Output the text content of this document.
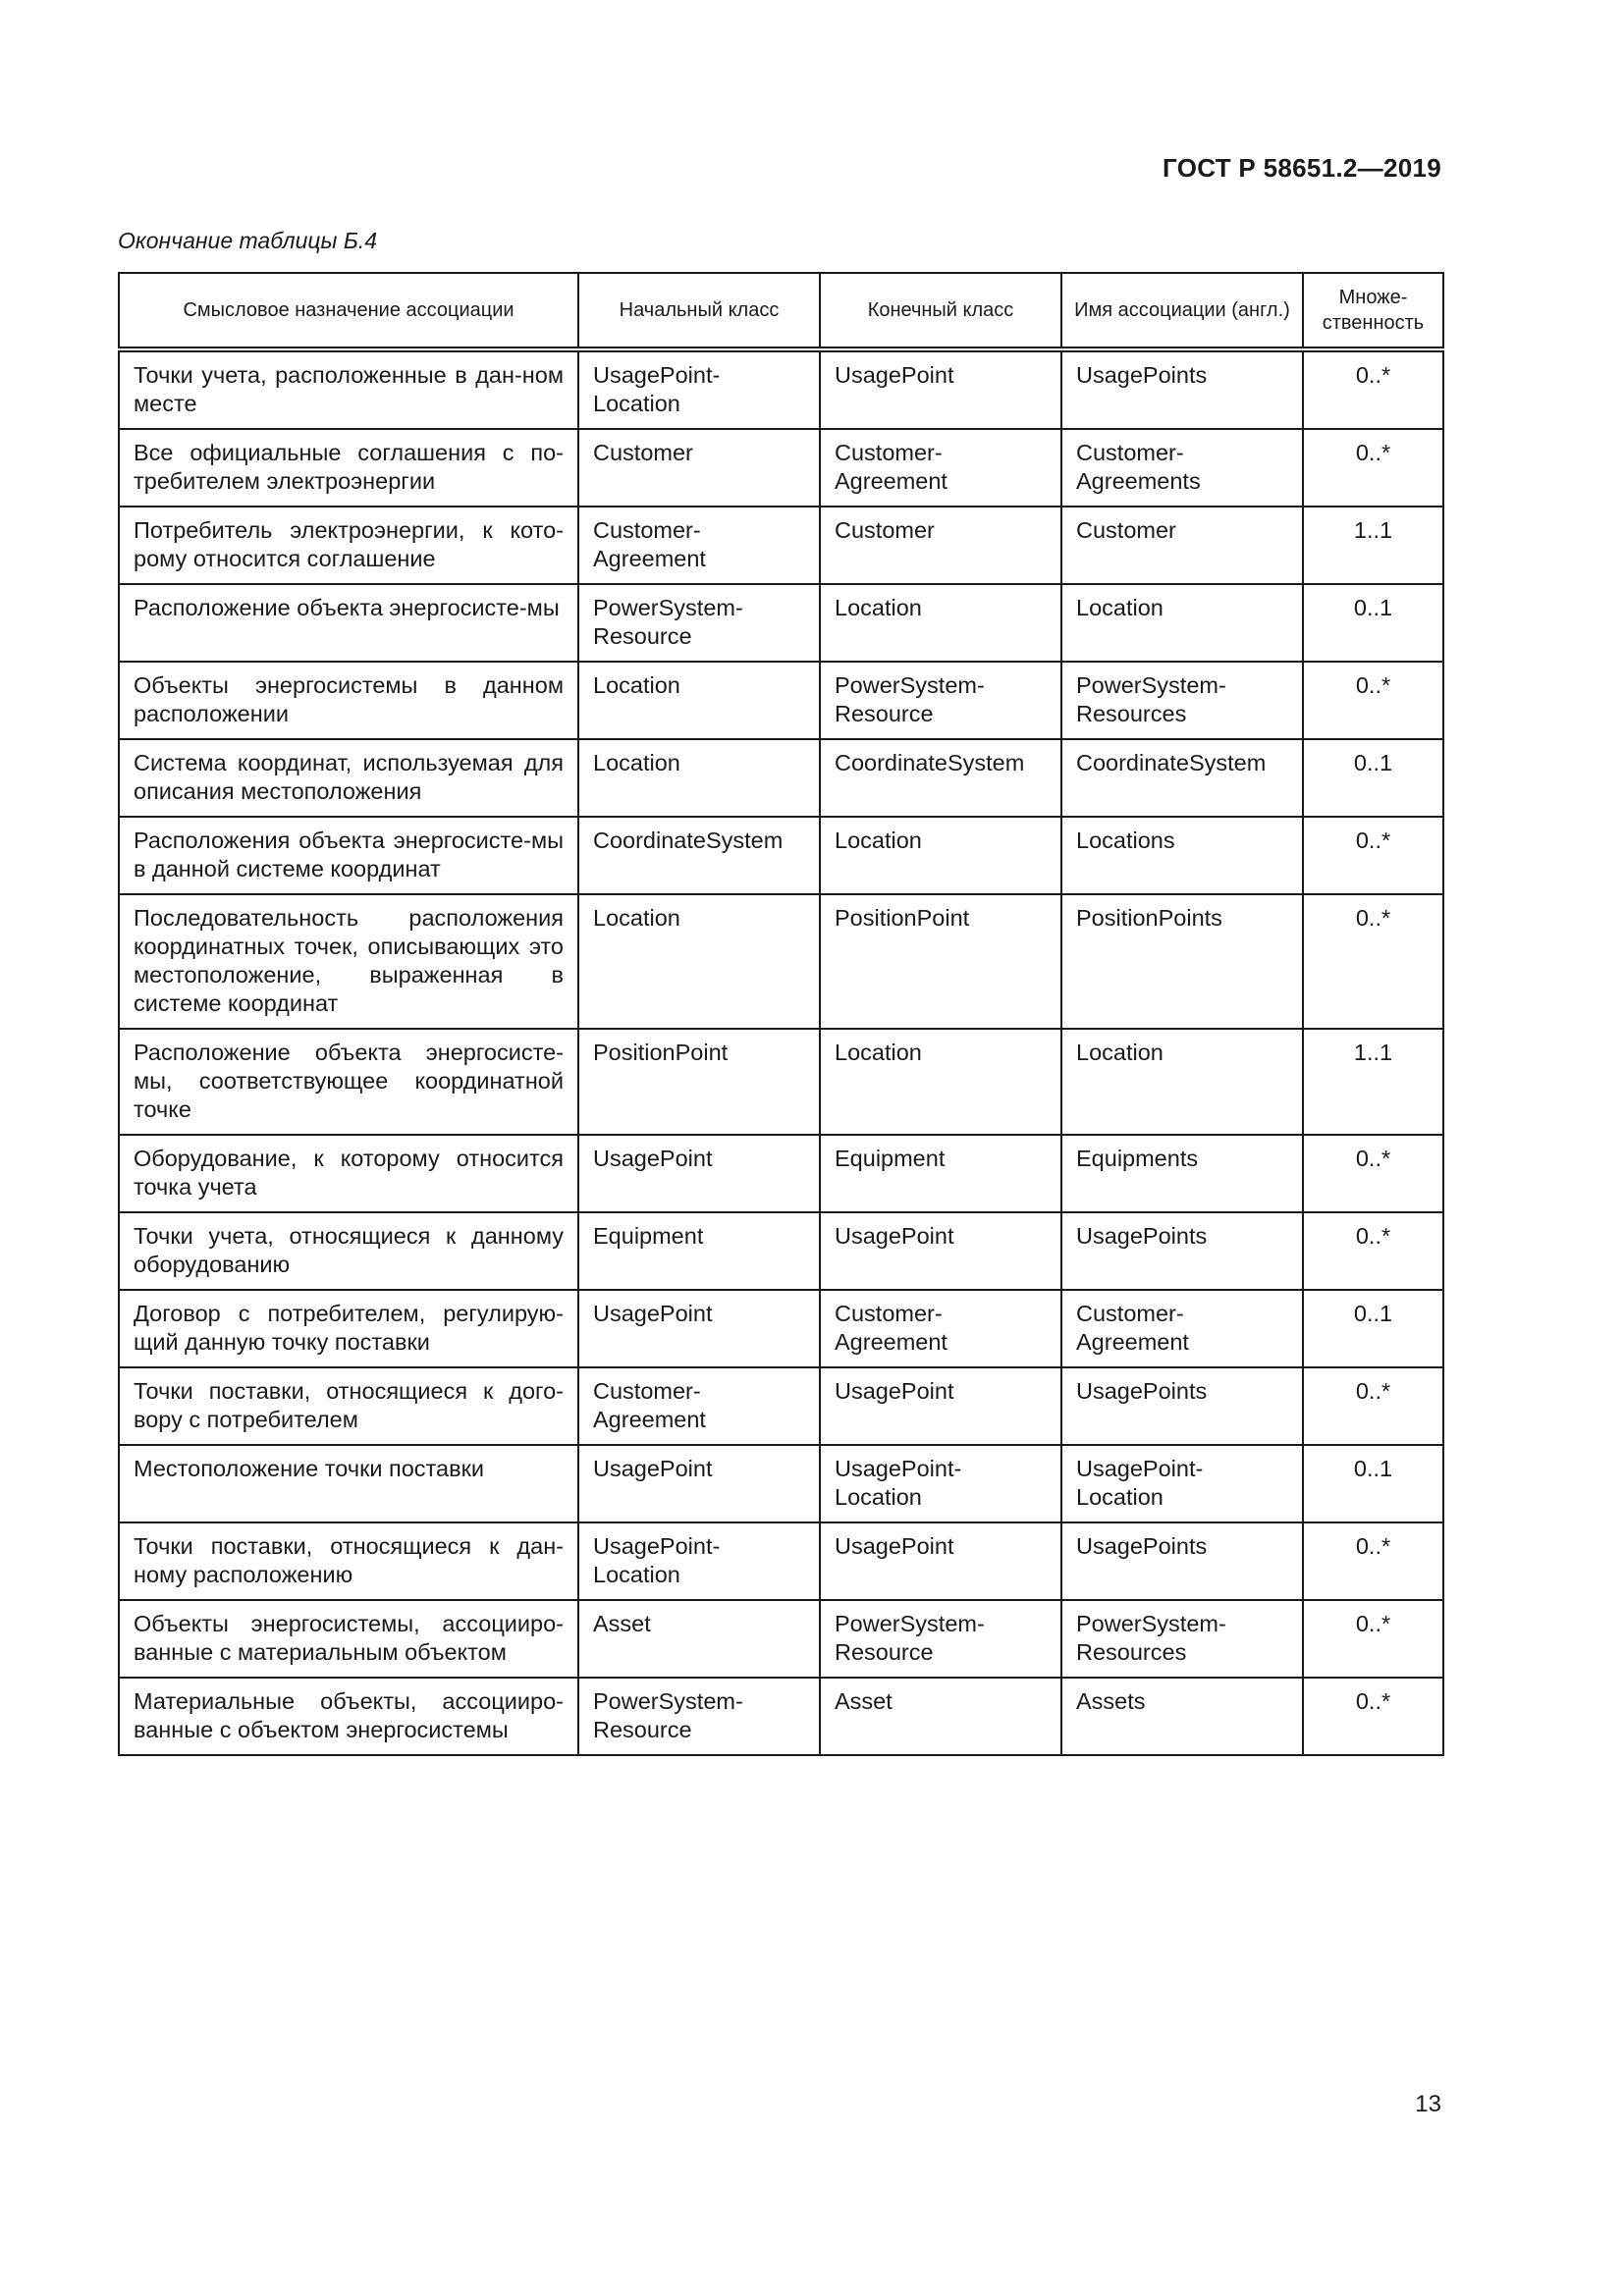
ГОСТ Р 58651.2—2019
Окончание таблицы Б.4
Смысловое назначение ассоциации	Начальный класс	Конечный класс	Имя ассоциации (англ.)	Множе-ственность
Точки учета, расположенные в дан-ном месте	UsagePoint-Location	UsagePoint	UsagePoints	0..*
Все официальные соглашения с по-требителем электроэнергии	Customer	Customer-Agreement	Customer-Agreements	0..*
Потребитель электроэнергии, к кото-рому относится соглашение	Customer-Agreement	Customer	Customer	1..1
Расположение объекта энергосисте-мы	PowerSystem-Resource	Location	Location	0..1
Объекты энергосистемы в данном расположении	Location	PowerSystem-Resource	PowerSystem-Resources	0..*
Система координат, используемая для описания местоположения	Location	CoordinateSystem	CoordinateSystem	0..1
Расположения объекта энергосисте-мы в данной системе координат	CoordinateSystem	Location	Locations	0..*
Последовательность расположения координатных точек, описывающих это местоположение, выраженная в системе координат	Location	PositionPoint	PositionPoints	0..*
Расположение объекта энергосисте-мы, соответствующее координатной точке	PositionPoint	Location	Location	1..1
Оборудование, к которому относится точка учета	UsagePoint	Equipment	Equipments	0..*
Точки учета, относящиеся к данному оборудованию	Equipment	UsagePoint	UsagePoints	0..*
Договор с потребителем, регулирую-щий данную точку поставки	UsagePoint	Customer-Agreement	Customer-Agreement	0..1
Точки поставки, относящиеся к дого-вору с потребителем	Customer-Agreement	UsagePoint	UsagePoints	0..*
Местоположение точки поставки	UsagePoint	UsagePoint-Location	UsagePoint-Location	0..1
Точки поставки, относящиеся к дан-ному расположению	UsagePoint-Location	UsagePoint	UsagePoints	0..*
Объекты энергосистемы, ассоцииро-ванные с материальным объектом	Asset	PowerSystem-Resource	PowerSystem-Resources	0..*
Материальные объекты, ассоцииро-ванные с объектом энергосистемы	PowerSystem-Resource	Asset	Assets	0..*
13
